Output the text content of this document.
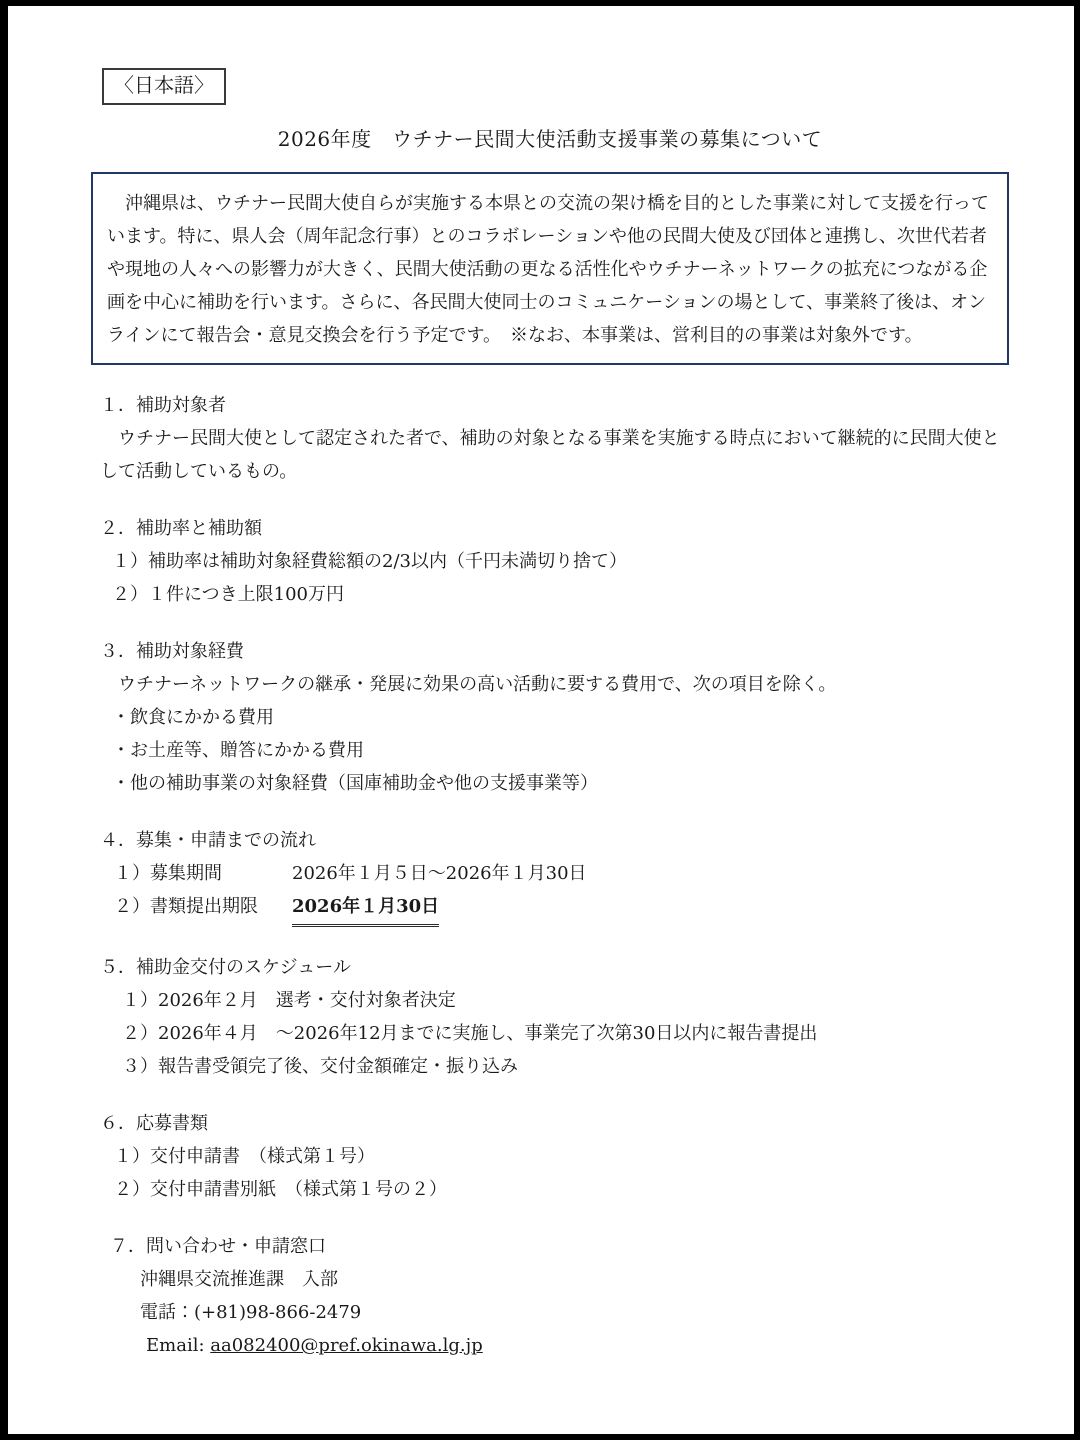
〈日本語〉
2026年度　ウチナー民間大使活動支援事業の募集について

　沖縄県は、ウチナー民間大使自らが実施する本県との交流の架け橋を目的とした事業に対して支援を行っています。特に、県人会（周年記念行事）とのコラボレーションや他の民間大使及び団体と連携し、次世代若者や現地の人々への影響力が大きく、民間大使活動の更なる活性化やウチナーネットワークの拡充につながる企画を中心に補助を行います。さらに、各民間大使同士のコミュニケーションの場として、事業終了後は、オンラインにて報告会・意見交換会を行う予定です。　※なお、本事業は、営利目的の事業は対象外です。

１．補助対象者

　ウチナー民間大使として認定された者で、補助の対象となる事業を実施する時点において継続的に民間大使として活動しているもの。

２．補助率と補助額

１）補助率は補助対象経費総額の2/3以内（千円未満切り捨て）

２）１件につき上限100万円

３．補助対象経費

　ウチナーネットワークの継承・発展に効果の高い活動に要する費用で、次の項目を除く。

・飲食にかかる費用

・お土産等、贈答にかかる費用

・他の補助事業の対象経費（国庫補助金や他の支援事業等）

４．募集・申請までの流れ

１）募集期間	2026年１月５日～2026年１月30日
２）書類提出期限	2026年１月30日

５．補助金交付のスケジュール

１）2026年２月　選考・交付対象者決定

２）2026年４月　～2026年12月までに実施し、事業完了次第30日以内に報告書提出

３）報告書受領完了後、交付金額確定・振り込み

６．応募書類

１）交付申請書　（様式第１号）

２）交付申請書別紙　（様式第１号の２）

７．問い合わせ・申請窓口

沖縄県交流推進課　入部

電話：(+81)98-866-2479

Email: aa082400@pref.okinawa.lg.jp
